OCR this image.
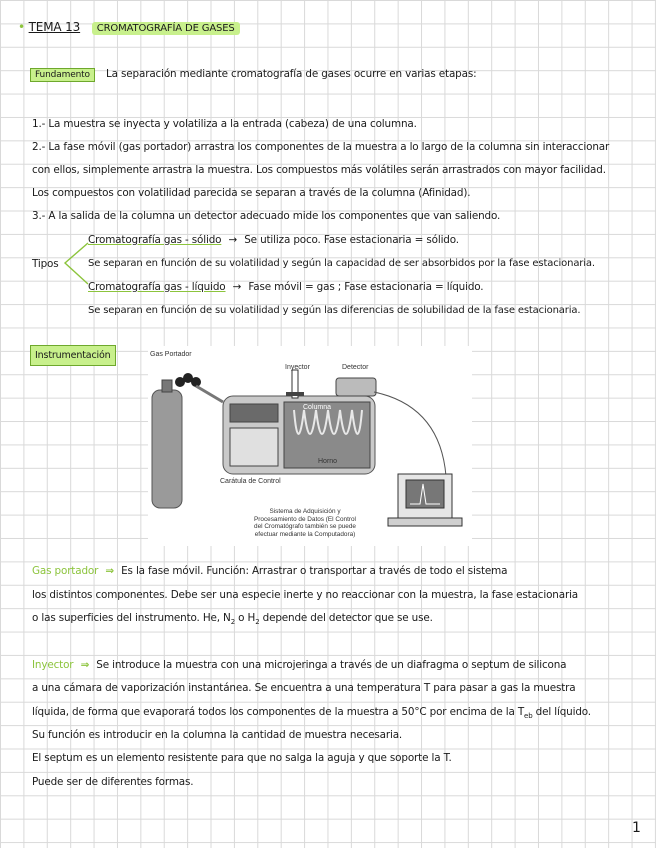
• TEMA 13 CROMATOGRAFÍA DE GASES
Fundamento La separación mediante cromatografía de gases ocurre en varias etapas:
1.- La muestra se inyecta y volatiliza a la entrada (cabeza) de una columna.
2.- La fase móvil (gas portador) arrastra los componentes de la muestra a lo largo de la columna sin interaccionar
con ellos, simplemente arrastra la muestra. Los compuestos más volátiles serán arrastrados con mayor facilidad.
Los compuestos con volatilidad parecida se separan a través de la columna (Afinidad).
3.- A la salida de la columna un detector adecuado mide los componentes que van saliendo.
Tipos
Cromatografía gas - sólido → Se utiliza poco. Fase estacionaria = sólido.
Se separan en función de su volatilidad y según la capacidad de ser absorbidos por la fase estacionaria.
Cromatografía gas - líquido → Fase móvil = gas ; Fase estacionaria = líquido.
Se separan en función de su volatilidad y según las diferencias de solubilidad de la fase estacionaria.
Instrumentación	Gas Portador
Inyector	Detector
Columna
Horno
Carátula de Control
Sistema de Adquisición y
Procesamiento de Datos (El Control
del Cromatógrafo también se puede
efectuar mediante la Computadora)
Gas portador ⇒ Es la fase móvil. Función: Arrastrar o transportar a través de todo el sistema
los distintos componentes. Debe ser una especie inerte y no reaccionar con la muestra, la fase estacionaria
o las superficies del instrumento. He, $N_2$ o $H_2$ depende del detector que se use.
Inyector ⇒ Se introduce la muestra con una microjeringa a través de un diafragma o septum de silicona
a una cámara de vaporización instantánea. Se encuentra a una temperatura T para pasar a gas la muestra
líquida, de forma que evaporará todos los componentes de la muestra a 50°C por encima de la $T_{eb}$ del líquido.
Su función es introducir en la columna la cantidad de muestra necesaria.
El septum es un elemento resistente para que no salga la aguja y que soporte la T.
Puede ser de diferentes formas.
1
